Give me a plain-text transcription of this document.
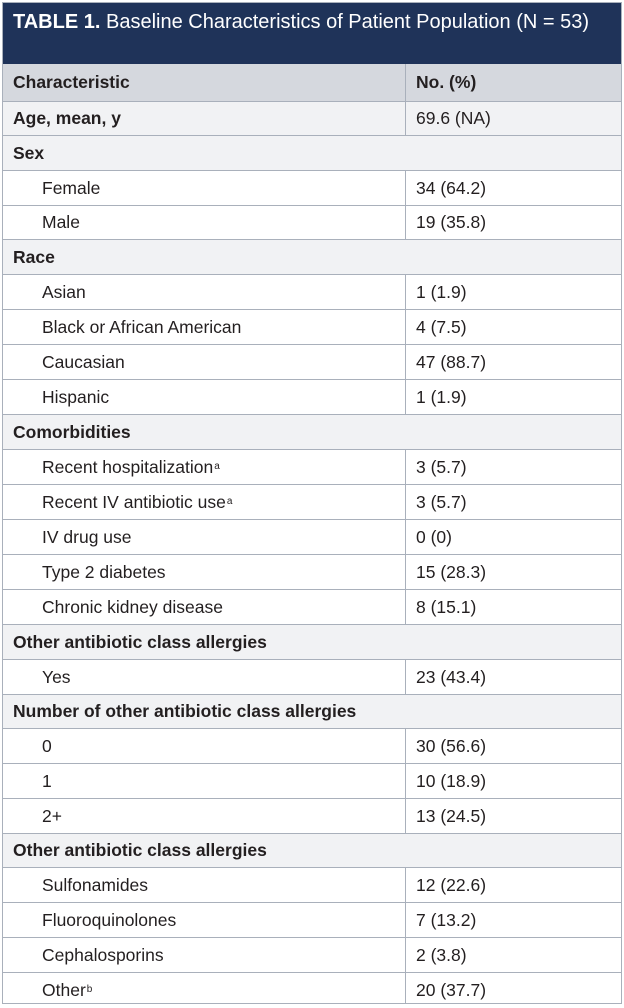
TABLE 1. Baseline Characteristics of Patient Population (N = 53)
Characteristic	No. (%)
Age, mean, y	69.6 (NA)
Sex
Female	34 (64.2)
Male	19 (35.8)
Race
Asian	1 (1.9)
Black or African American	4 (7.5)
Caucasian	47 (88.7)
Hispanic	1 (1.9)
Comorbidities
Recent hospitalization a	3 (5.7)
Recent IV antibiotic use a	3 (5.7)
IV drug use	0 (0)
Type 2 diabetes	15 (28.3)
Chronic kidney disease	8 (15.1)
Other antibiotic class allergies
Yes	23 (43.4)
Number of other antibiotic class allergies
0	30 (56.6)
1	10 (18.9)
2+	13 (24.5)
Other antibiotic class allergies
Sulfonamides	12 (22.6)
Fluoroquinolones	7 (13.2)
Cephalosporins	2 (3.8)
Other b	20 (37.7)
